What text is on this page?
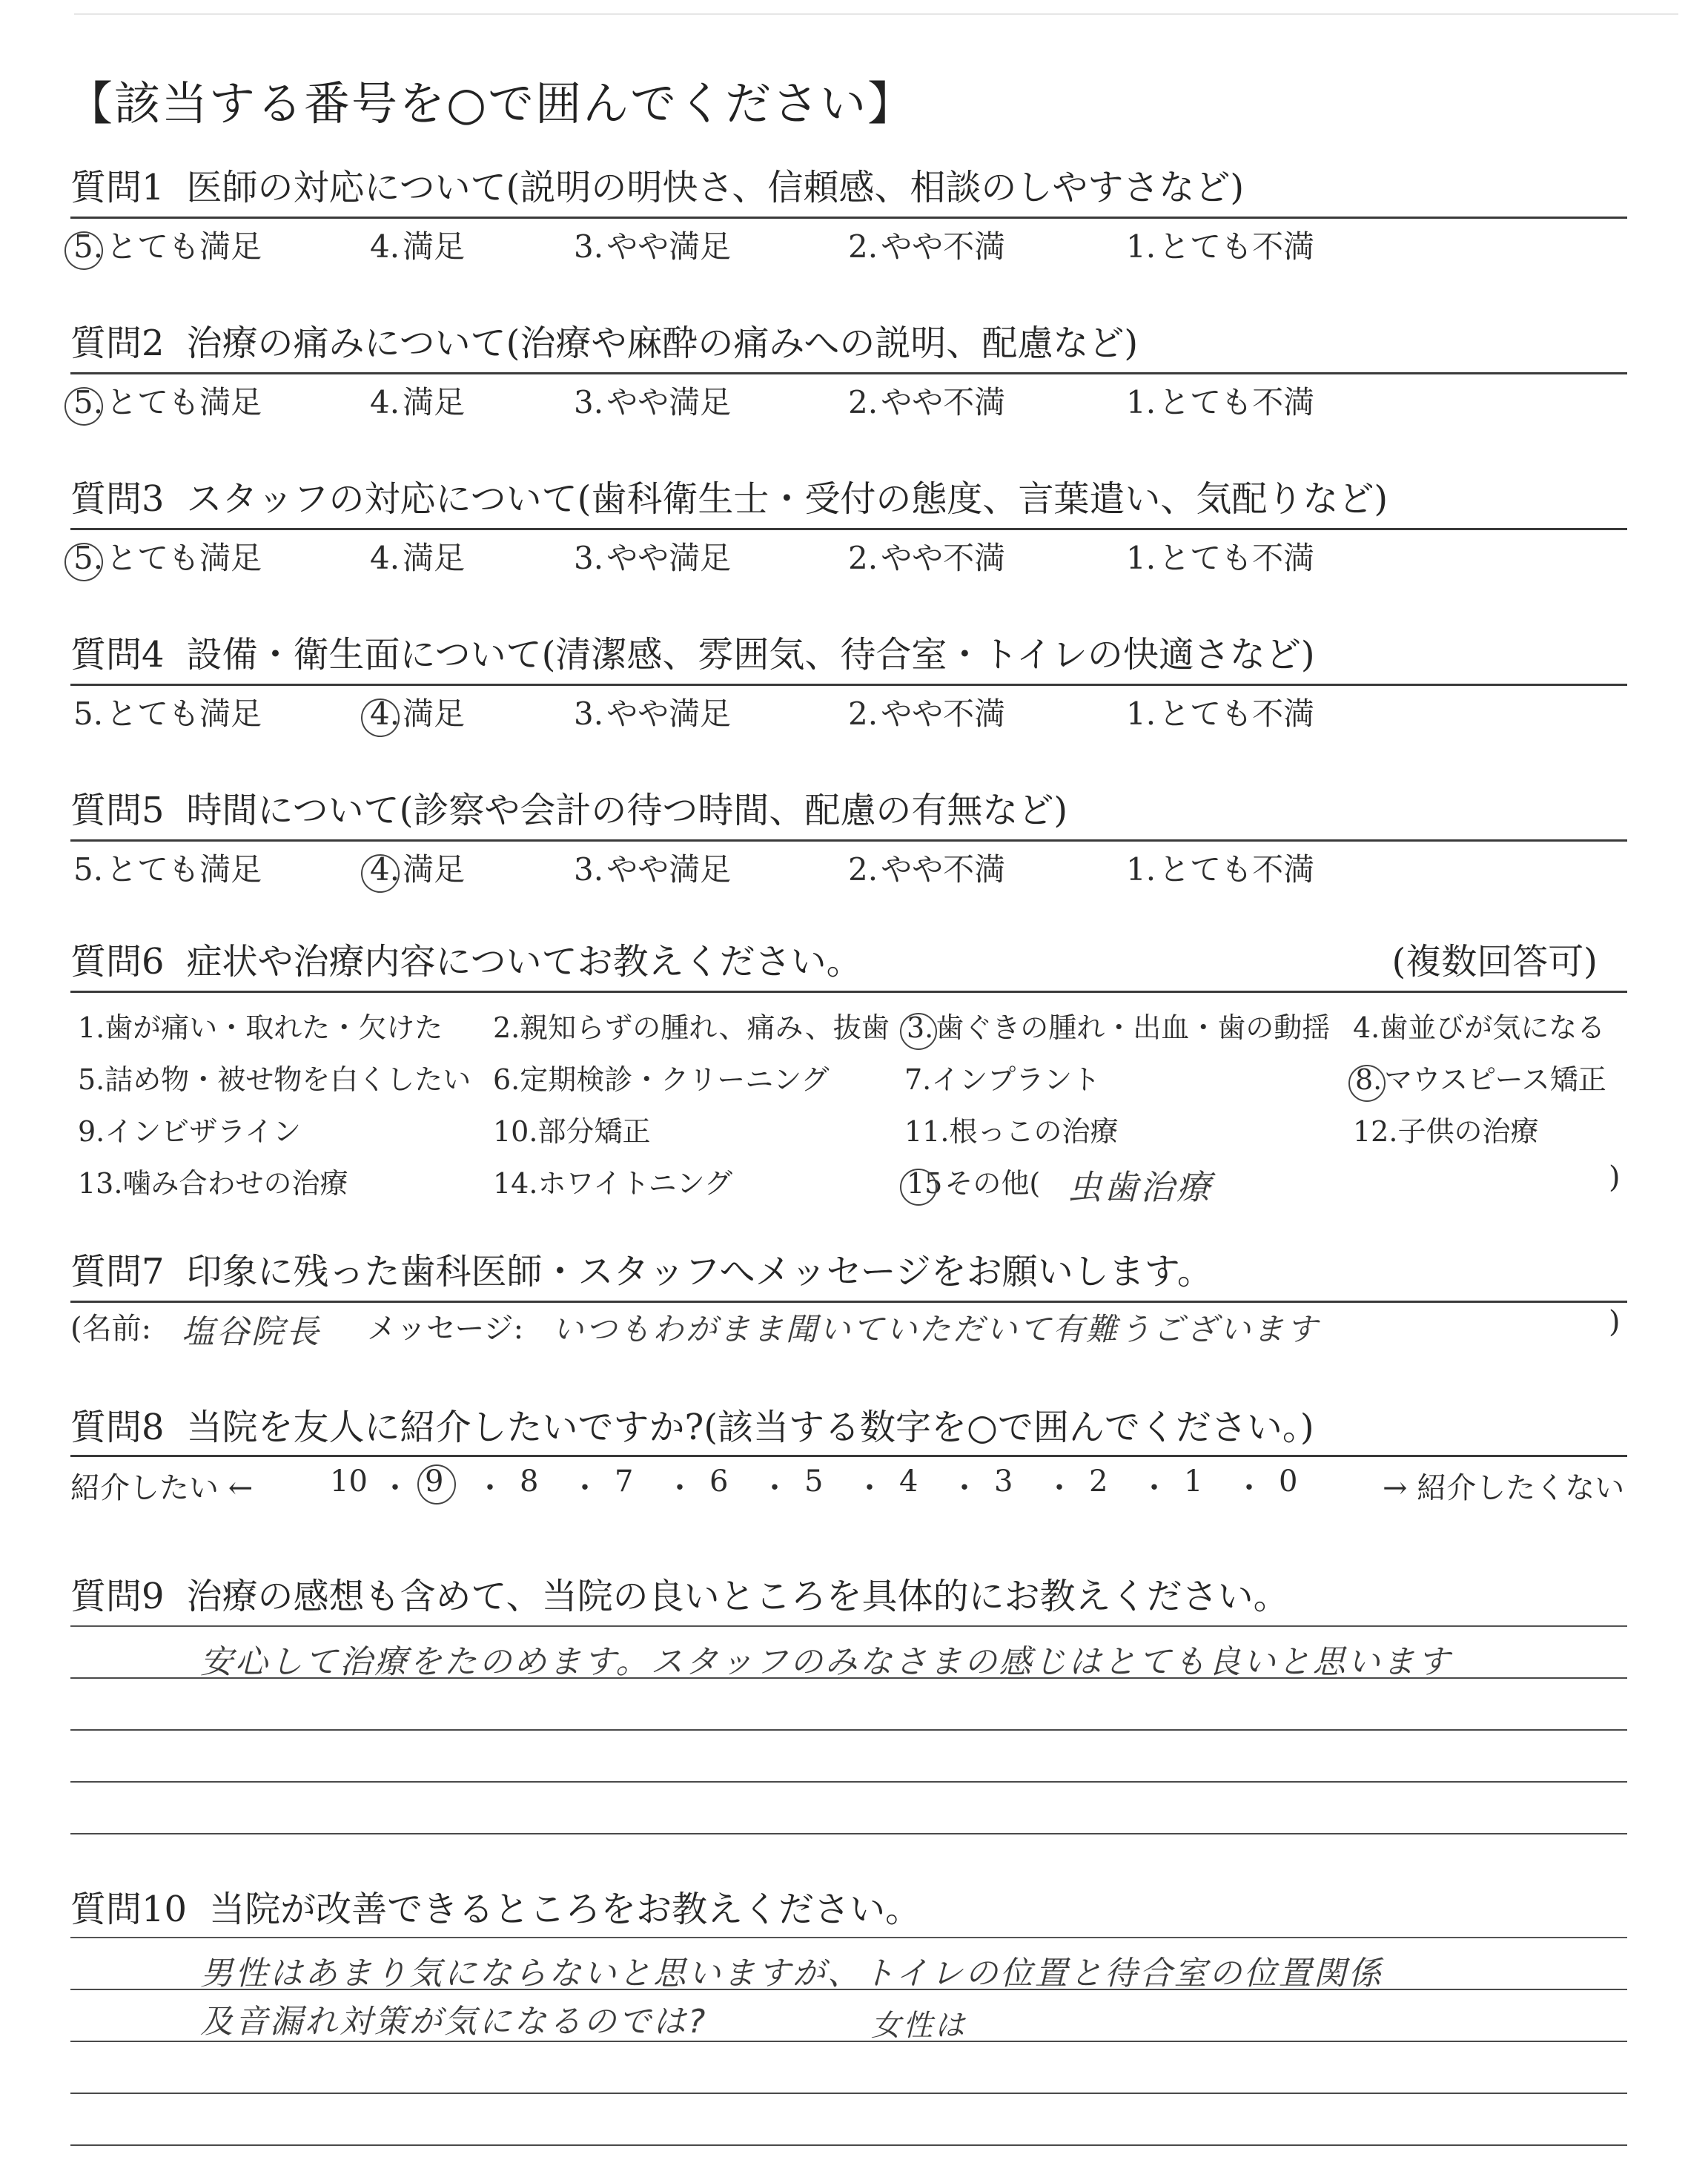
【該当する番号を○で囲んでください】
質問1 医師の対応について(説明の明快さ、信頼感、相談のしやすさなど)
5.とても満足	4.満足	3.やや満足	2.やや不満	1.とても不満
質問2 治療の痛みについて(治療や麻酔の痛みへの説明、配慮など)
5.とても満足	4.満足	3.やや満足	2.やや不満	1.とても不満
質問3 スタッフの対応について(歯科衛生士・受付の態度、言葉遣い、気配りなど)
5.とても満足	4.満足	3.やや満足	2.やや不満	1.とても不満
質問4 設備・衛生面について(清潔感、雰囲気、待合室・トイレの快適さなど)
5.とても満足	4.満足	3.やや満足	2.やや不満	1.とても不満
質問5 時間について(診察や会計の待つ時間、配慮の有無など)
5.とても満足	4.満足	3.やや満足	2.やや不満	1.とても不満
質問6 症状や治療内容についてお教えください。	(複数回答可)
1.歯が痛い・取れた・欠けた 2.親知らずの腫れ、痛み、抜歯 3.歯ぐきの腫れ・出血・歯の動揺 4.歯並びが気になる
5.詰め物・被せ物を白くしたい 6.定期検診・クリーニング	7.インプラント	8.マウスピース矯正
9.インビザライン	10.部分矯正	11.根っこの治療	12.子供の治療
13.噛み合わせの治療	14.ホワイトニング	15その他( 虫歯治療	)
質問7 印象に残った歯科医師・スタッフへメッセージをお願いします。
(名前: 塩谷院長 メッセージ: いつもわがまま聞いていただいて有難うございます	)
質問8 当院を友人に紹介したいですか?(該当する数字を○で囲んでください。)
紹介したい ←	→ 紹介したくない
10 ・ 9 ・ 8 ・ 7 ・ 6 ・ 5 ・ 4 ・ 3 ・ 2 ・ 1 ・ 0
質問9 治療の感想も含めて、当院の良いところを具体的にお教えください。
安心して治療をたのめます。スタッフのみなさまの感じはとても良いと思います
質問10 当院が改善できるところをお教えください。
男性はあまり気にならないと思いますが、トイレの位置と待合室の位置関係
及音漏れ対策が気になるのでは?	女性は
